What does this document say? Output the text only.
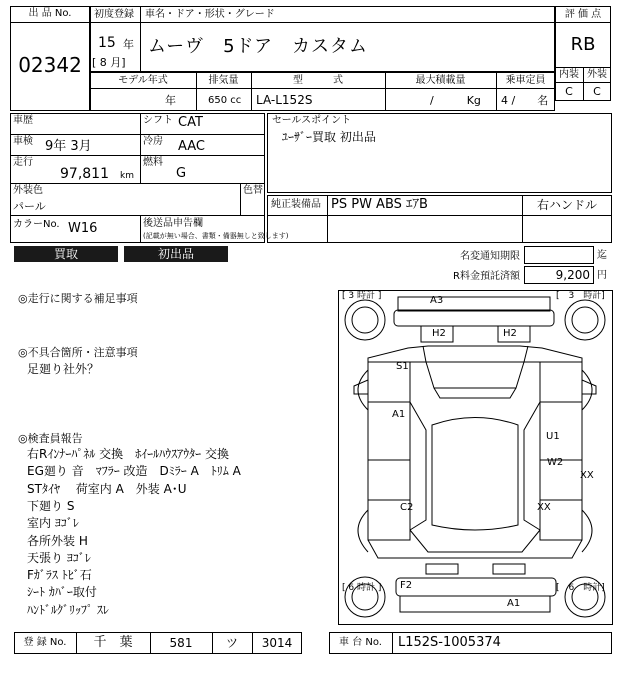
出 品 No.
02342
初度登録 車名・ドア・形状・グレード
15 年
[ 8 月]
ムーヴ　5ドア　カスタム
モデル年式	排気量	型　　　式	最大積載量	乗車定員
年	650 cc LA-L152S	/　　　Kg 4 /　　名
評 価 点
RB
内装 外装
C	C
車歴
車検 9年 3月
走行
97,811 km
シフト CAT
冷房 AAC
燃料
G
外装色
パール
色替
カラーNo. W16	後送品申告欄
(記載が無い場合、書類・備器無しと致します)
セールスポイント
ﾕｰｻﾞｰ買取 初出品
純正装備品 PS PW ABS ｴｱB	右ハンドル
買取	初出品	名変通知期限	迄
R料金預託済額	9,200 円
◎走行に関する補足事項
◎不具合箇所・注意事項
足廻り社外？
◎検査員報告
右Rｲﾝﾅｰﾊﾟﾈﾙ 交換　ﾎｲｰﾙﾊｳｽｱｳﾀｰ 交換
EG廻り 音　ﾏﾌﾗｰ 改造　Dﾐﾗｰ A　ﾄﾘﾑ A
STﾀｲﾔ　 荷室内 A　外装 A･U
下廻り S
室内 ﾖｺﾞﾚ
各所外装 H
天張り ﾖｺﾞﾚ
Fｶﾞﾗｽ ﾄﾋﾞ石
ｼｰﾄ ｶﾊﾞｰ取付
ﾊﾝﾄﾞﾙｸﾞﾘｯﾌﾟ ｽﾚ
[ 3 時計 ]	[　3　時計]
[ 6 時計 ]	[　6　時計]
A3
H2	H2
S1
A1
U1
W2
XX
C2	XX
F2
A1
登 録 No.	千　葉	581	ツ	3014	車 台 No.	L152S-1005374
